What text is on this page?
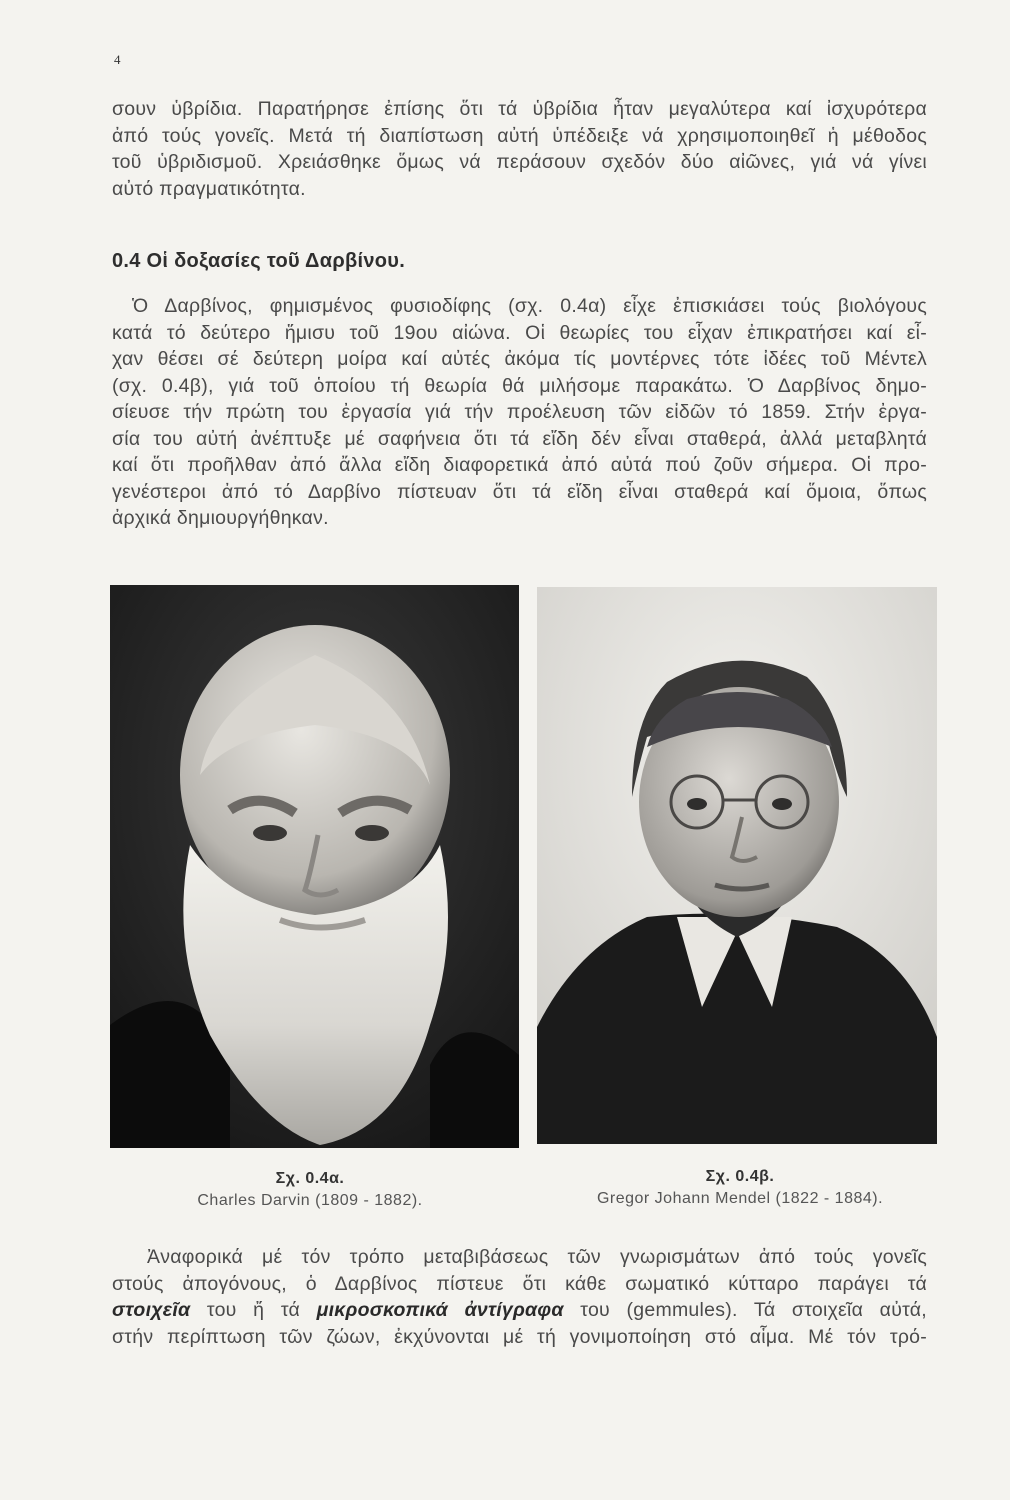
4
σουν ὑβρίδια. Παρατήρησε ἐπίσης ὅτι τά ὑβρίδια ἦταν μεγαλύτερα καί ἰσχυρότερα
ἀπό τούς γονεῖς. Μετά τή διαπίστωση αὐτή ὑπέδειξε νά χρησιμοποιηθεῖ ἡ μέθοδος
τοῦ ὑβριδισμοῦ. Χρειάσθηκε ὅμως νά περάσουν σχεδόν δύο αἰῶνες, γιά νά γίνει
αὐτό πραγματικότητα.
0.4 Οἱ δοξασίες τοῦ Δαρβίνου.
Ὁ Δαρβίνος, φημισμένος φυσιοδίφης (σχ. 0.4α) εἶχε ἐπισκιάσει τούς βιολόγους
κατά τό δεύτερο ἥμισυ τοῦ 19ου αἰώνα. Οἱ θεωρίες του εἶχαν ἐπικρατήσει καί εἶ-
χαν θέσει σέ δεύτερη μοίρα καί αὐτές ἀκόμα τίς μοντέρνες τότε ἰδέες τοῦ Μέντελ
(σχ. 0.4β), γιά τοῦ ὁποίου τή θεωρία θά μιλήσομε παρακάτω. Ὁ Δαρβίνος δημο-
σίευσε τήν πρώτη του ἐργασία γιά τήν προέλευση τῶν εἰδῶν τό 1859. Στήν ἐργα-
σία του αὐτή ἀνέπτυξε μέ σαφήνεια ὅτι τά εἴδη δέν εἶναι σταθερά, ἀλλά μεταβλητά
καί ὅτι προῆλθαν ἀπό ἄλλα εἴδη διαφορετικά ἀπό αὐτά πού ζοῦν σήμερα. Οἱ προ-
γενέστεροι ἀπό τό Δαρβίνο πίστευαν ὅτι τά εἴδη εἶναι σταθερά καί ὅμοια, ὅπως
ἀρχικά δημιουργήθηκαν.
Σχ. 0.4α.
Charles Darvin (1809 - 1882).
Σχ. 0.4β.
Gregor Johann Mendel (1822 - 1884).
Ἀναφορικά μέ τόν τρόπο μεταβιβάσεως τῶν γνωρισμάτων ἀπό τούς γονεῖς
στούς ἀπογόνους, ὁ Δαρβίνος πίστευε ὅτι κάθε σωματικό κύτταρο παράγει τά
στοιχεῖα του ἤ τά μικροσκοπικά ἀντίγραφα του (gemmules). Τά στοιχεῖα αὐτά,
στήν περίπτωση τῶν ζώων, ἐκχύνονται μέ τή γονιμοποίηση στό αἷμα. Μέ τόν τρό-
